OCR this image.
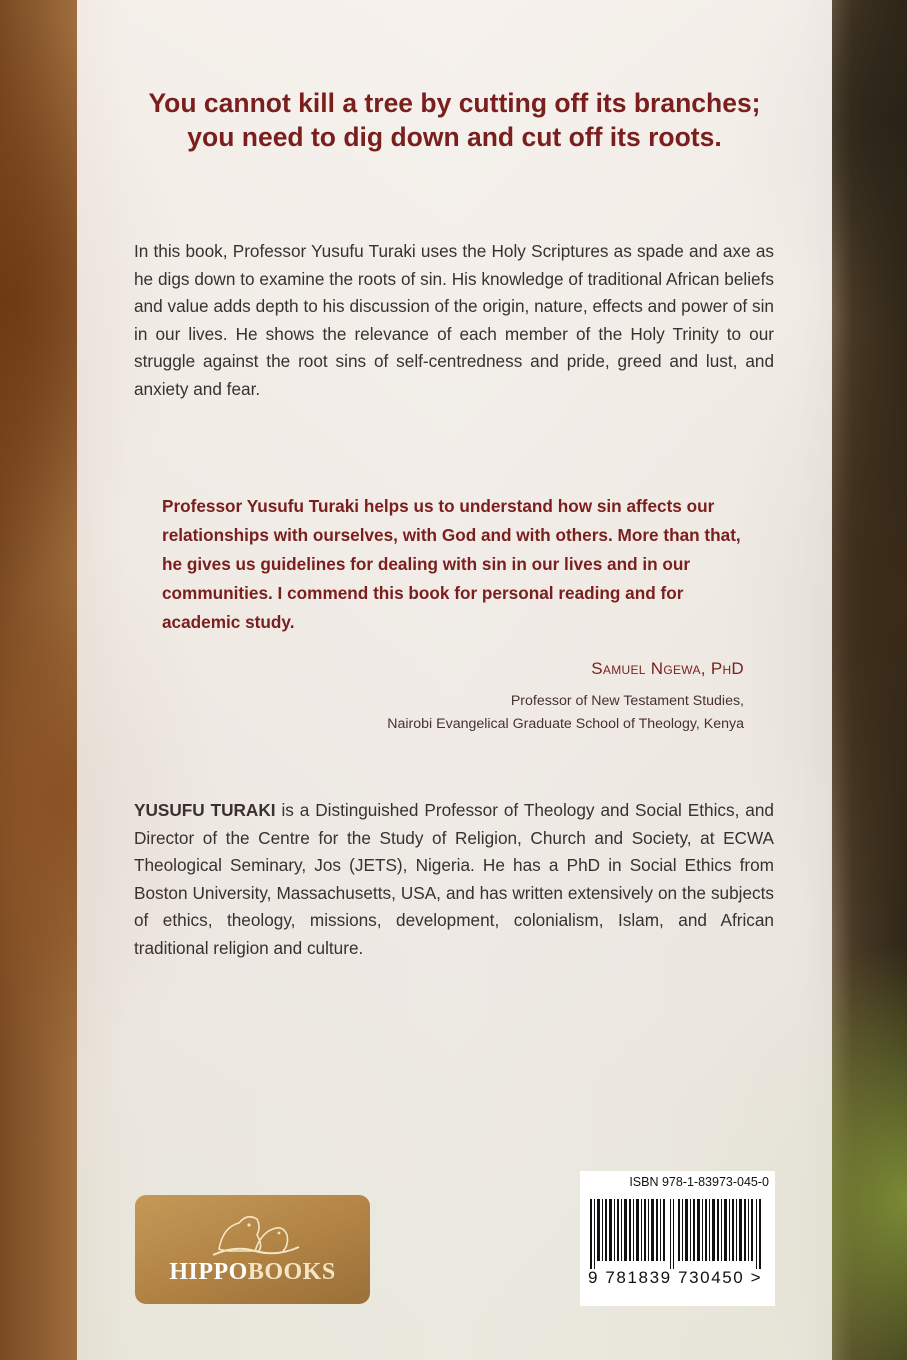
You cannot kill a tree by cutting off its branches;
you need to dig down and cut off its roots.

In this book, Professor Yusufu Turaki uses the Holy Scriptures as spade and axe as he digs down to examine the roots of sin. His knowledge of traditional African beliefs and value adds depth to his discussion of the origin, nature, effects and power of sin in our lives. He shows the relevance of each member of the Holy Trinity to our struggle against the root sins of self-centredness and pride, greed and lust, and anxiety and fear.

Professor Yusufu Turaki helps us to understand how sin affects our relationships with ourselves, with God and with others. More than that, he gives us guidelines for dealing with sin in our lives and in our communities. I commend this book for personal reading and for academic study.

Samuel Ngewa, PhD

Professor of New Testament Studies,
Nairobi Evangelical Graduate School of Theology, Kenya

YUSUFU TURAKI is a Distinguished Professor of Theology and Social Ethics, and Director of the Centre for the Study of Religion, Church and Society, at ECWA Theological Seminary, Jos (JETS), Nigeria. He has a PhD in Social Ethics from Boston University, Massachusetts, USA, and has written extensively on the subjects of ethics, theology, missions, development, colonialism, Islam, and African traditional religion and culture.

HIPPOBOOKS

ISBN 978-1-83973-045-0

9 781839 730450 >
